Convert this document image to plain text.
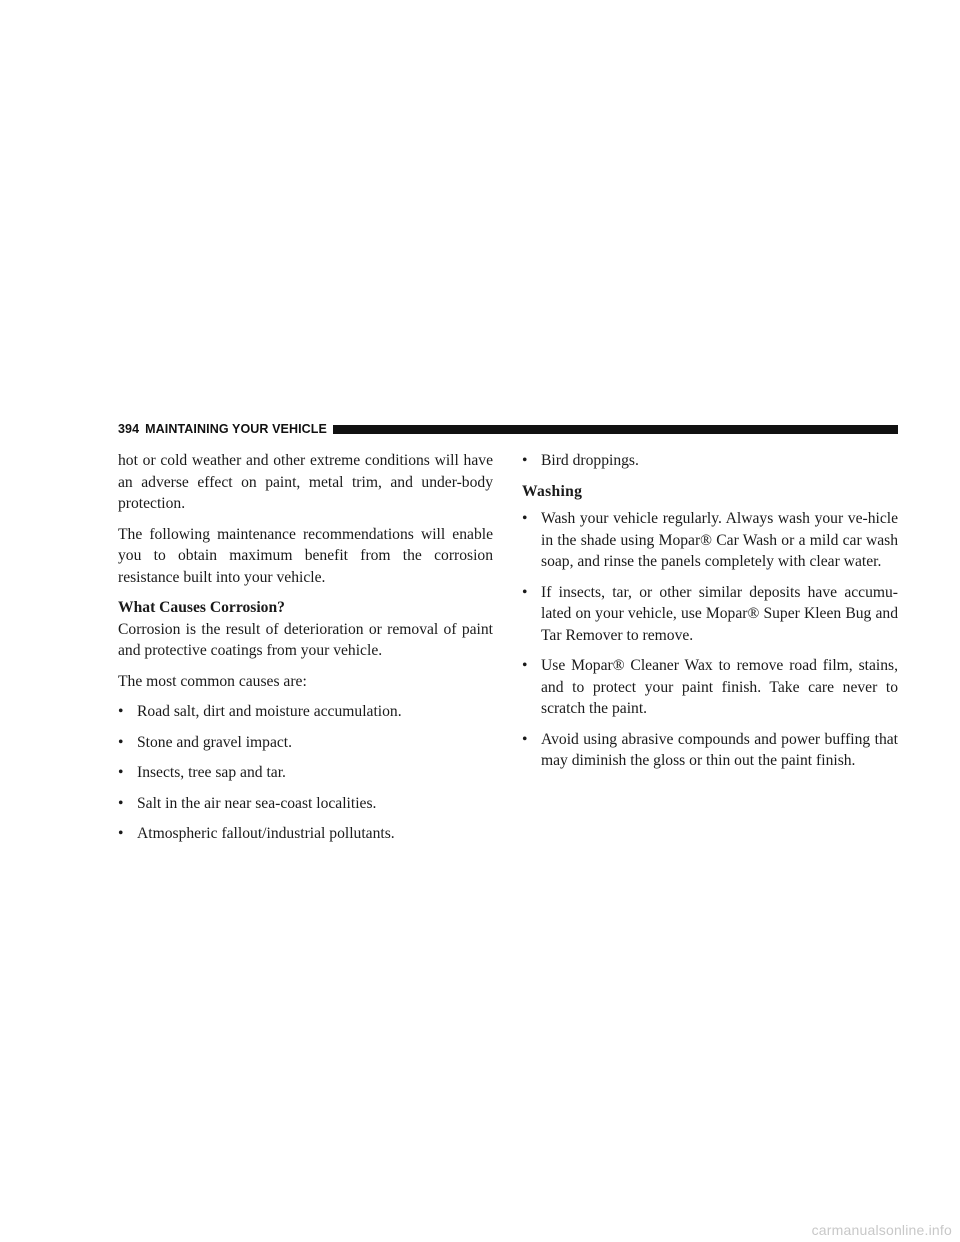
394 MAINTAINING YOUR VEHICLE

hot or cold weather and other extreme conditions will have an adverse effect on paint, metal trim, and under-body protection.

The following maintenance recommendations will enable you to obtain maximum benefit from the corrosion resistance built into your vehicle.

What Causes Corrosion?

Corrosion is the result of deterioration or removal of paint and protective coatings from your vehicle.

The most common causes are:

• Road salt, dirt and moisture accumulation.
• Stone and gravel impact.
• Insects, tree sap and tar.
• Salt in the air near sea-coast localities.
• Atmospheric fallout/industrial pollutants.
• Bird droppings.
Washing
• Wash your vehicle regularly. Always wash your ve-hicle in the shade using Mopar® Car Wash or a mild car wash soap, and rinse the panels completely with clear water.
• If insects, tar, or other similar deposits have accumu-lated on your vehicle, use Mopar® Super Kleen Bug and Tar Remover to remove.
• Use Mopar® Cleaner Wax to remove road film, stains, and to protect your paint finish. Take care never to scratch the paint.
• Avoid using abrasive compounds and power buffing that may diminish the gloss or thin out the paint finish.
carmanualsonline.info
